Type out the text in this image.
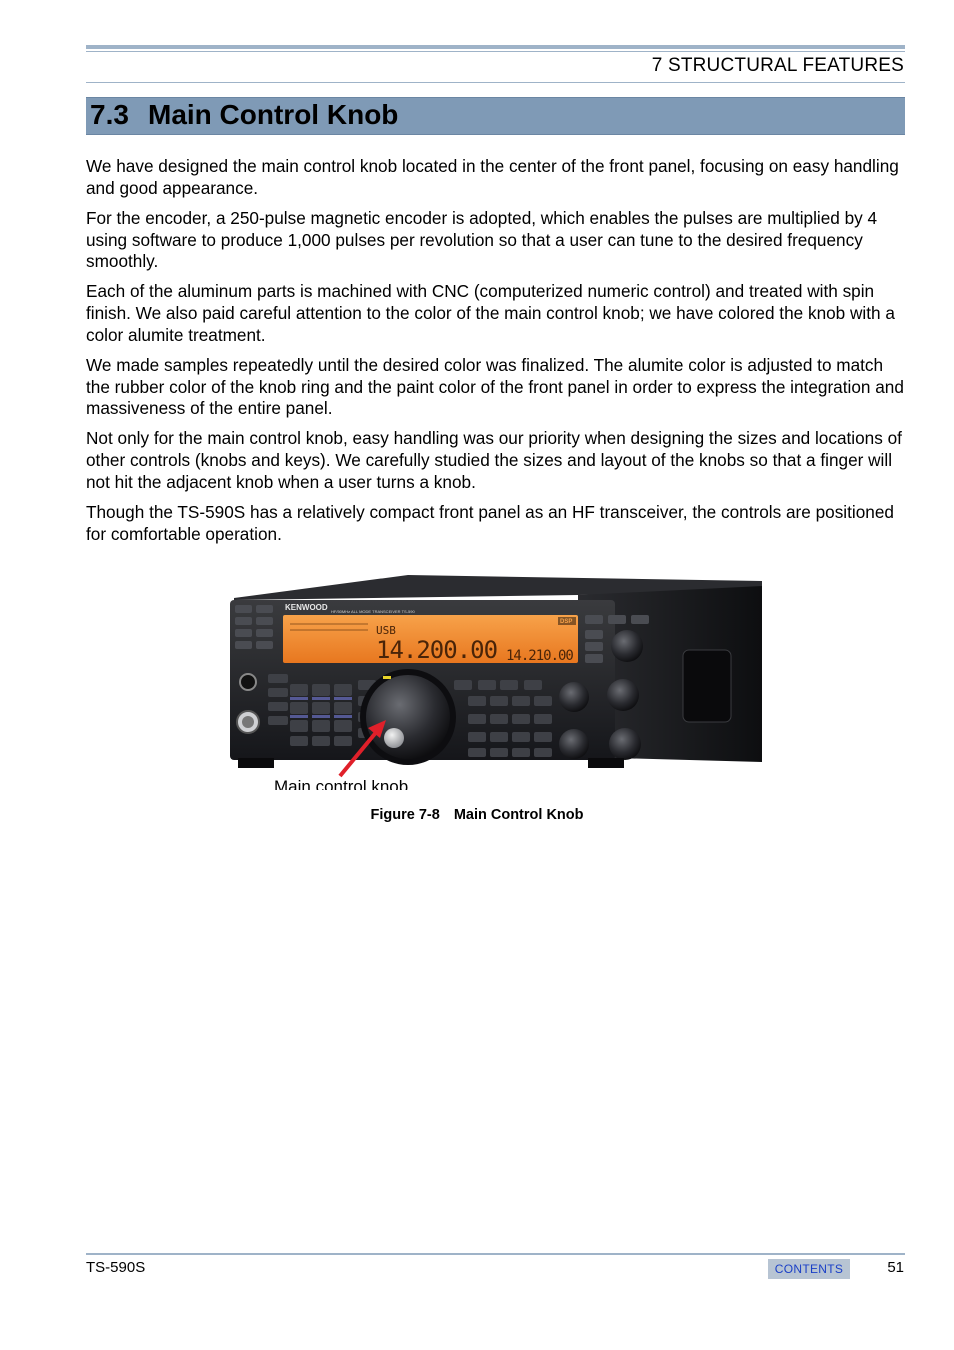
7 STRUCTURAL FEATURES
7.3 Main Control Knob

We have designed the main control knob located in the center of the front panel, focusing on easy handling and good appearance.

For the encoder, a 250-pulse magnetic encoder is adopted, which enables the pulses are multiplied by 4 using software to produce 1,000 pulses per revolution so that a user can tune to the desired frequency smoothly.

Each of the aluminum parts is machined with CNC (computerized numeric control) and treated with spin finish. We also paid careful attention to the color of the main control knob; we have colored the knob with a color alumite treatment.

We made samples repeatedly until the desired color was finalized. The alumite color is adjusted to match the rubber color of the knob ring and the paint color of the front panel in order to express the integration and massiveness of the entire panel.

Not only for the main control knob, easy handling was our priority when designing the sizes and locations of other controls (knobs and keys). We carefully studied the sizes and layout of the knobs so that a finger will not hit the adjacent knob when a user turns a knob.

Though the TS-590S has a relatively compact front panel as an HF transceiver, the controls are positioned for comfortable operation.

KENWOOD HF/50MHz ALL MODE TRANSCEIVER TS-590
DSP
USB
14.200.00 14.210.00
Main control knob
Figure 7-8 Main Control Knob
TS-590S	CONTENTS	51
